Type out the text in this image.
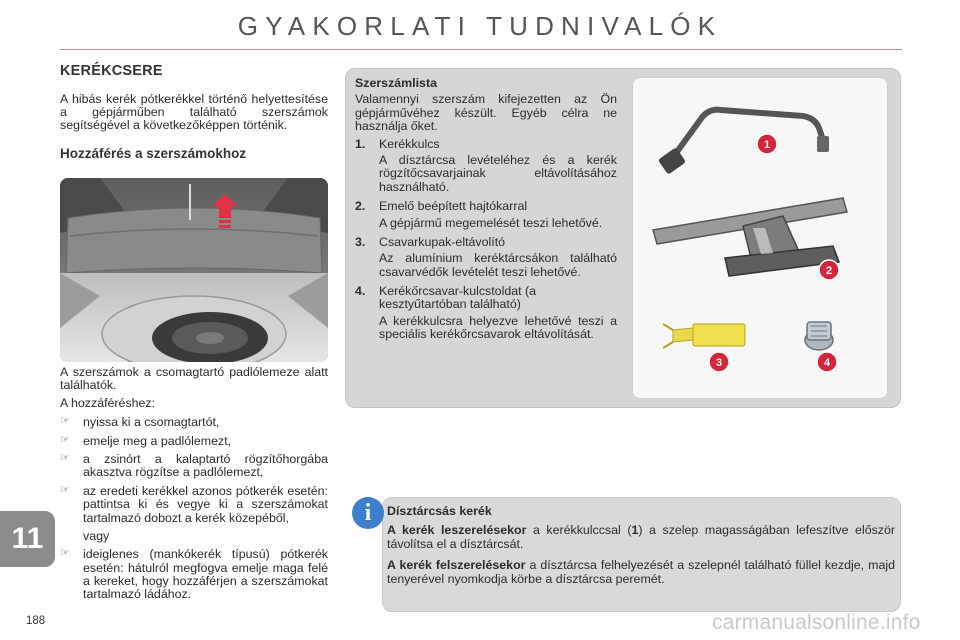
GYAKORLATI TUDNIVALÓK
KERÉKCSERE

A hibás kerék pótkerékkel történő helyettesítése a gépjárműben található szerszámok segítségével a következőképpen történik.

Hozzáférés a szerszámokhoz

A szerszámok a csomagtartó padlólemeze alatt találhatók.

A hozzáféréshez:

☞ nyissa ki a csomagtartót,
☞ emelje meg a padlólemezt,
☞ a zsinórt a kalaptartó rögzítőhorgába akasztva rögzítse a padlólemezt,
☞ az eredeti kerékkel azonos pótkerék esetén: pattintsa ki és vegye ki a szerszámokat tartalmazó dobozt a kerék közepéből,
vagy
☞ ideiglenes (mankókerék típusú) pótkerék esetén: hátulról megfogva emelje maga felé a kereket, hogy hozzáférjen a szerszámokat tartalmazó ládához.
Szerszámlista

Valamennyi szerszám kifejezetten az Ön gépjárművéhez készült. Egyéb célra ne használja őket.

1.	Kerékkulcs
A dísztárcsa levételéhez és a kerék rögzítőcsavarjainak eltávolításához használható.
2.	Emelő beépített hajtókarral
A gépjármű megemelését teszi lehetővé.
3.	Csavarkupak-eltávolító
Az alumínium keréktárcsákon található csavarvédők levételét teszi lehetővé.
4.	Kerékőrcsavar-kulcstoldat (a kesztyűtartóban található)
A kerékkulcsra helyezve lehetővé teszi a speciális kerékőrcsavarok eltávolítását.
1
2
3	4
i	Dísztárcsás kerék

A kerék leszerelésekor a kerékkulccsal (1) a szelep magasságában lefeszítve először távolítsa el a dísztárcsát.

A kerék felszerelésekor a dísztárcsa felhelyezését a szelepnél található füllel kezdje, majd tenyerével nyomkodja körbe a dísztárcsa peremét.

11
188	carmanualsonline.info
